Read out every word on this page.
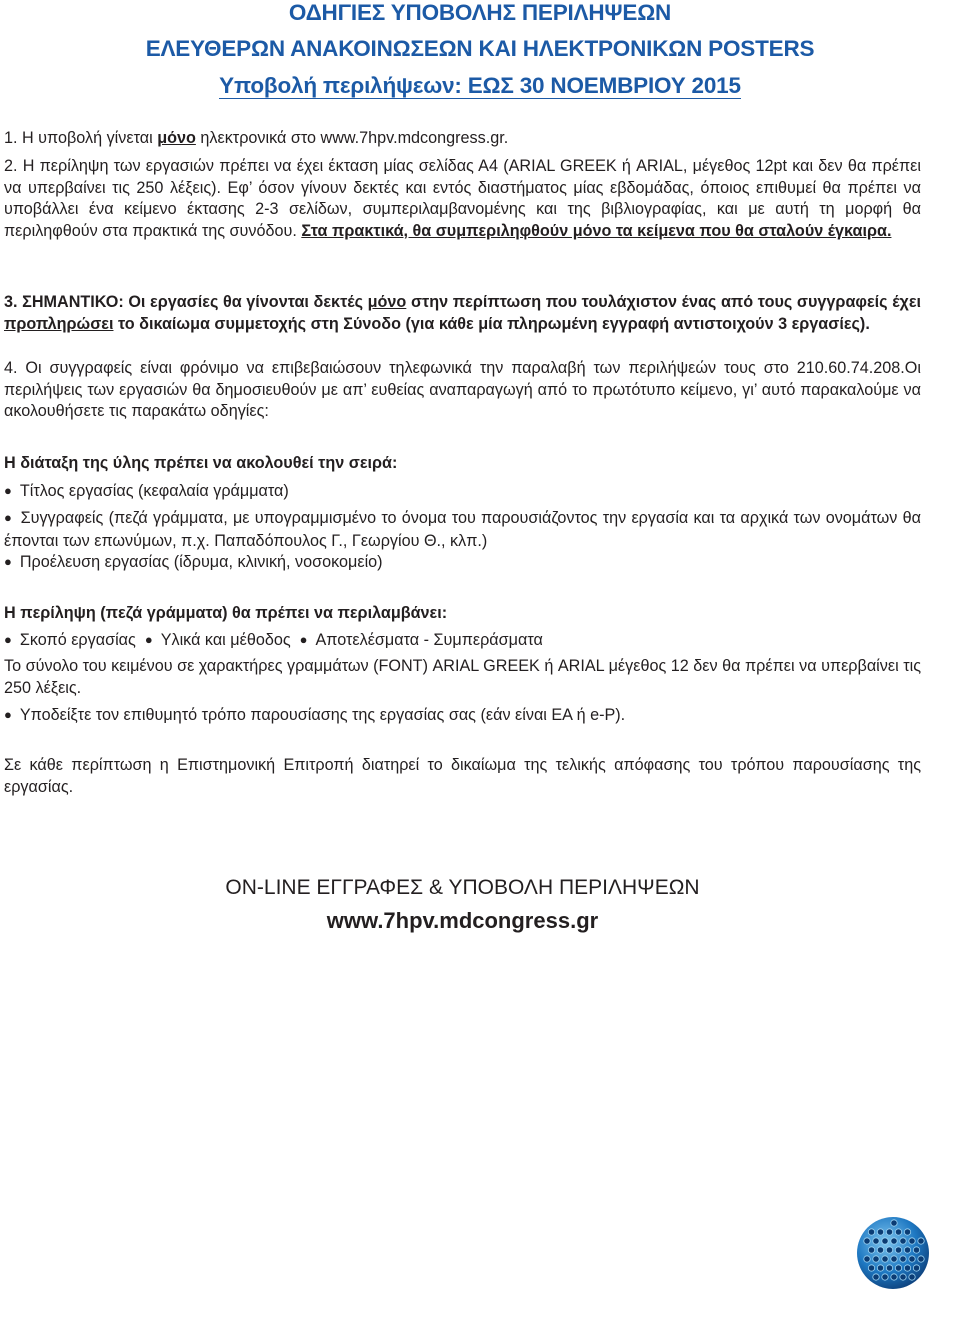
ΟΔΗΓΙΕΣ ΥΠΟΒΟΛΗΣ ΠΕΡΙΛΗΨΕΩΝ
ΕΛΕΥΘΕΡΩΝ ΑΝΑΚΟΙΝΩΣΕΩΝ ΚΑΙ ΗΛΕΚΤΡΟΝΙΚΩΝ POSTERS
Υποβολή περιλήψεων: ΕΩΣ 30 ΝΟΕΜΒΡΙΟΥ 2015
1. Η υποβολή γίνεται μόνο ηλεκτρονικά στο www.7hpv.mdcongress.gr.
2. Η περίληψη των εργασιών πρέπει να έχει έκταση μίας σελίδας Α4 (ARIAL GREEK ή ARIAL, μέγεθος 12pt και δεν θα πρέπει να υπερβαίνει τις 250 λέξεις). Εφ’ όσον γίνουν δεκτές και εντός διαστήματος μίας εβδομάδας, όποιος επιθυμεί θα πρέπει να υποβάλλει ένα κείμενο έκτασης 2-3 σελίδων, συμπεριλαμβανομένης και της βιβλιογραφίας, και με αυτή τη μορφή θα περιληφθούν στα πρακτικά της συνόδου. Στα πρακτικά, θα συμπεριληφθούν μόνο τα κείμενα που θα σταλούν έγκαιρα.
3. ΣΗΜΑΝΤΙΚΟ: Οι εργασίες θα γίνονται δεκτές μόνο στην περίπτωση που τουλάχιστον ένας από τους συγγραφείς έχει προπληρώσει το δικαίωμα συμμετοχής στη Σύνοδο (για κάθε μία πληρωμένη εγγραφή αντιστοιχούν 3 εργασίες).
4. Οι συγγραφείς είναι φρόνιμο να επιβεβαιώσουν τηλεφωνικά την παραλαβή των περιλήψεών τους στο 210.60.74.208.Οι περιλήψεις των εργασιών θα δημοσιευθούν με απ’ ευθείας αναπαραγωγή από το πρωτότυπο κείμενο, γι’ αυτό παρακαλούμε να ακολουθήσετε τις παρακάτω οδηγίες:
Η διάταξη της ύλης πρέπει να ακολουθεί την σειρά:
● Τίτλος εργασίας (κεφαλαία γράμματα)
● Συγγραφείς (πεζά γράμματα, με υπογραμμισμένο το όνομα του παρουσιάζοντος την εργασία και τα αρχικά των ονομάτων θα έπονται των επωνύμων, π.χ. Παπαδόπουλος Γ., Γεωργίου Θ., κλπ.)
● Προέλευση εργασίας (ίδρυμα, κλινική, νοσοκομείο)
Η περίληψη (πεζά γράμματα) θα πρέπει να περιλαμβάνει:
● Σκοπό εργασίας ● Υλικά και μέθοδος ● Αποτελέσματα - Συμπεράσματα
Το σύνολο του κειμένου σε χαρακτήρες γραμμάτων (FONT) ARIAL GREEK ή ARIAL μέγεθος 12 δεν θα πρέπει να υπερβαίνει τις 250 λέξεις.
● Υποδείξτε τον επιθυμητό τρόπο παρουσίασης της εργασίας σας (εάν είναι ΕΑ ή e-P).
Σε κάθε περίπτωση η Επιστημονική Επιτροπή διατηρεί το δικαίωμα της τελικής απόφασης του τρόπου παρουσίασης της εργασίας.
ON-LINE ΕΓΓΡΑΦΕΣ & ΥΠΟΒΟΛΗ ΠΕΡΙΛΗΨΕΩΝ
www.7hpv.mdcongress.gr
